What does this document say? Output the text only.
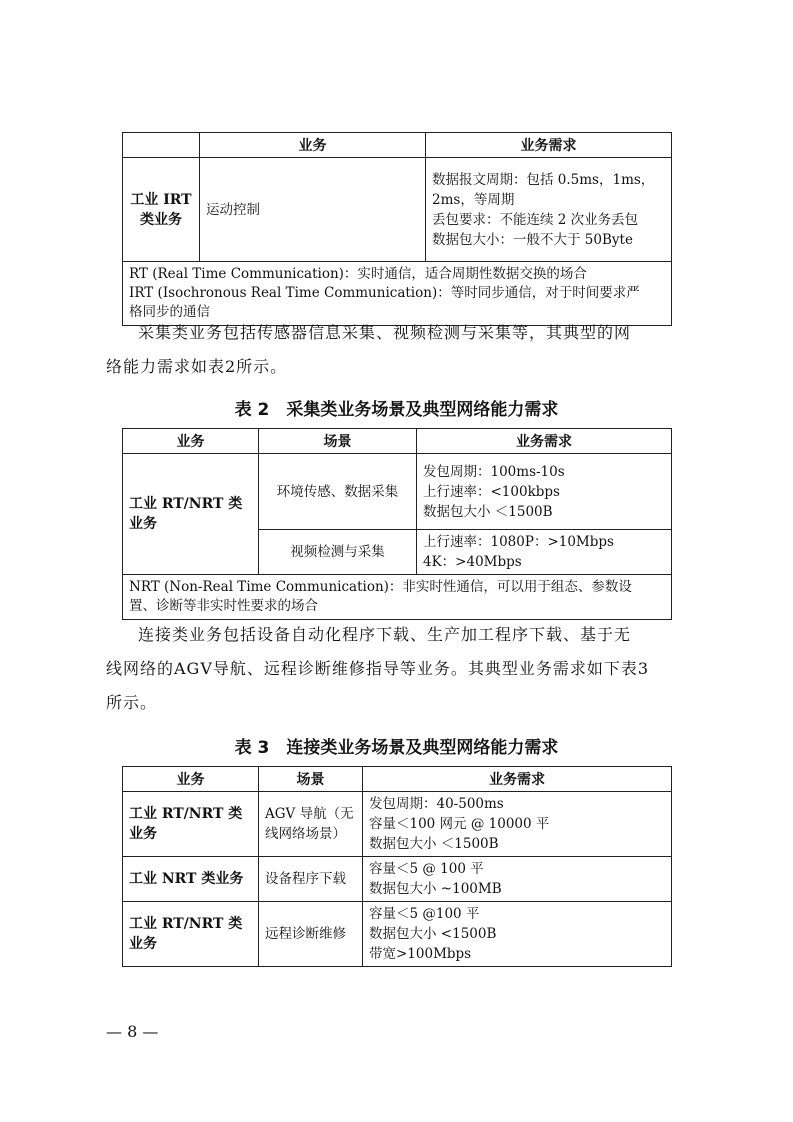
	业务	业务需求
工业 IRT 类业务	运动控制	数据报文周期：包括 0.5ms，1ms，
2ms，等周期
丢包要求：不能连续 2 次业务丢包
数据包大小：一般不大于 50Byte

RT (Real Time Communication)：实时通信，适合周期性数据交换的场合
IRT (Isochronous Real Time Communication)：等时同步通信，对于时间要求严
格同步的通信		
采集类业务包括传感器信息采集、视频检测与采集等，其典型的网
络能力需求如表2所示。
表 2　采集类业务场景及典型网络能力需求
业务	场景	业务需求
工业 RT/NRT 类业务	环境传感、数据采集	发包周期：100ms-10s
上行速率：<100kbps
数据包大小 ＜1500B

	视频检测与采集	上行速率：1080P：>10Mbps
4K：>40Mbps

NRT (Non-Real Time Communication)：非实时性通信，可以用于组态、参数设
置、诊断等非实时性要求的场合		
连接类业务包括设备自动化程序下载、生产加工程序下载、基于无
线网络的AGV导航、远程诊断维修指导等业务。其典型业务需求如下表3
所示。
表 3　连接类业务场景及典型网络能力需求
业务	场景	业务需求
工业 RT/NRT 类业务	AGV 导航（无线网络场景）	发包周期：40-500ms
容量＜100 网元 @ 10000 平
数据包大小 ＜1500B

工业 NRT 类业务	设备程序下载	容量＜5 @ 100 平
数据包大小 ~100MB

工业 RT/NRT 类业务	远程诊断维修	容量＜5 @100 平
数据包大小 <1500B
带宽>100Mbps
— 8 —
